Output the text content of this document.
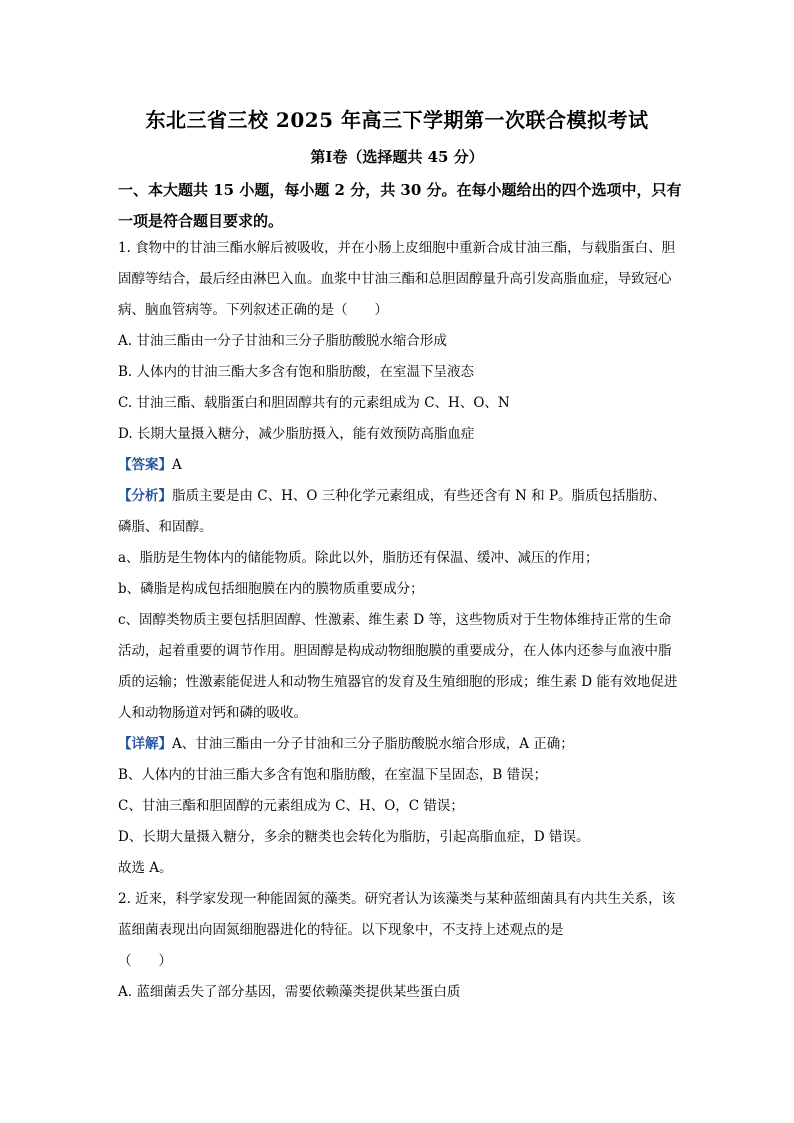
东北三省三校 2025 年高三下学期第一次联合模拟考试
第Ⅰ卷（选择题共 45 分）
一、本大题共 15 小题，每小题 2 分，共 30 分。在每小题给出的四个选项中，只有一项是符合题目要求的。

1. 食物中的甘油三酯水解后被吸收，并在小肠上皮细胞中重新合成甘油三酯，与载脂蛋白、胆固醇等结合，最后经由淋巴入血。血浆中甘油三酯和总胆固醇量升高引发高脂血症，导致冠心病、脑血管病等。下列叙述正确的是（　　）

A. 甘油三酯由一分子甘油和三分子脂肪酸脱水缩合形成

B. 人体内的甘油三酯大多含有饱和脂肪酸，在室温下呈液态

C. 甘油三酯、载脂蛋白和胆固醇共有的元素组成为 C、H、O、N

D. 长期大量摄入糖分，减少脂肪摄入，能有效预防高脂血症

【答案】A

【分析】脂质主要是由 C、H、O 三种化学元素组成，有些还含有 N 和 P。脂质包括脂肪、磷脂、和固醇。

a、脂肪是生物体内的储能物质。除此以外，脂肪还有保温、缓冲、减压的作用；

b、磷脂是构成包括细胞膜在内的膜物质重要成分；

c、固醇类物质主要包括胆固醇、性激素、维生素 D 等，这些物质对于生物体维持正常的生命活动，起着重要的调节作用。胆固醇是构成动物细胞膜的重要成分，在人体内还参与血液中脂质的运输；性激素能促进人和动物生殖器官的发育及生殖细胞的形成；维生素 D 能有效地促进人和动物肠道对钙和磷的吸收。

【详解】A、甘油三酯由一分子甘油和三分子脂肪酸脱水缩合形成，A 正确；

B、人体内的甘油三酯大多含有饱和脂肪酸，在室温下呈固态，B 错误；

C、甘油三酯和胆固醇的元素组成为 C、H、O，C 错误；

D、长期大量摄入糖分，多余的糖类也会转化为脂肪，引起高脂血症，D 错误。

故选 A。

2. 近来，科学家发现一种能固氮的藻类。研究者认为该藻类与某种蓝细菌具有内共生关系，该蓝细菌表现出向固氮细胞器进化的特征。以下现象中，不支持上述观点的是

（　　）

A. 蓝细菌丢失了部分基因，需要依赖藻类提供某些蛋白质
